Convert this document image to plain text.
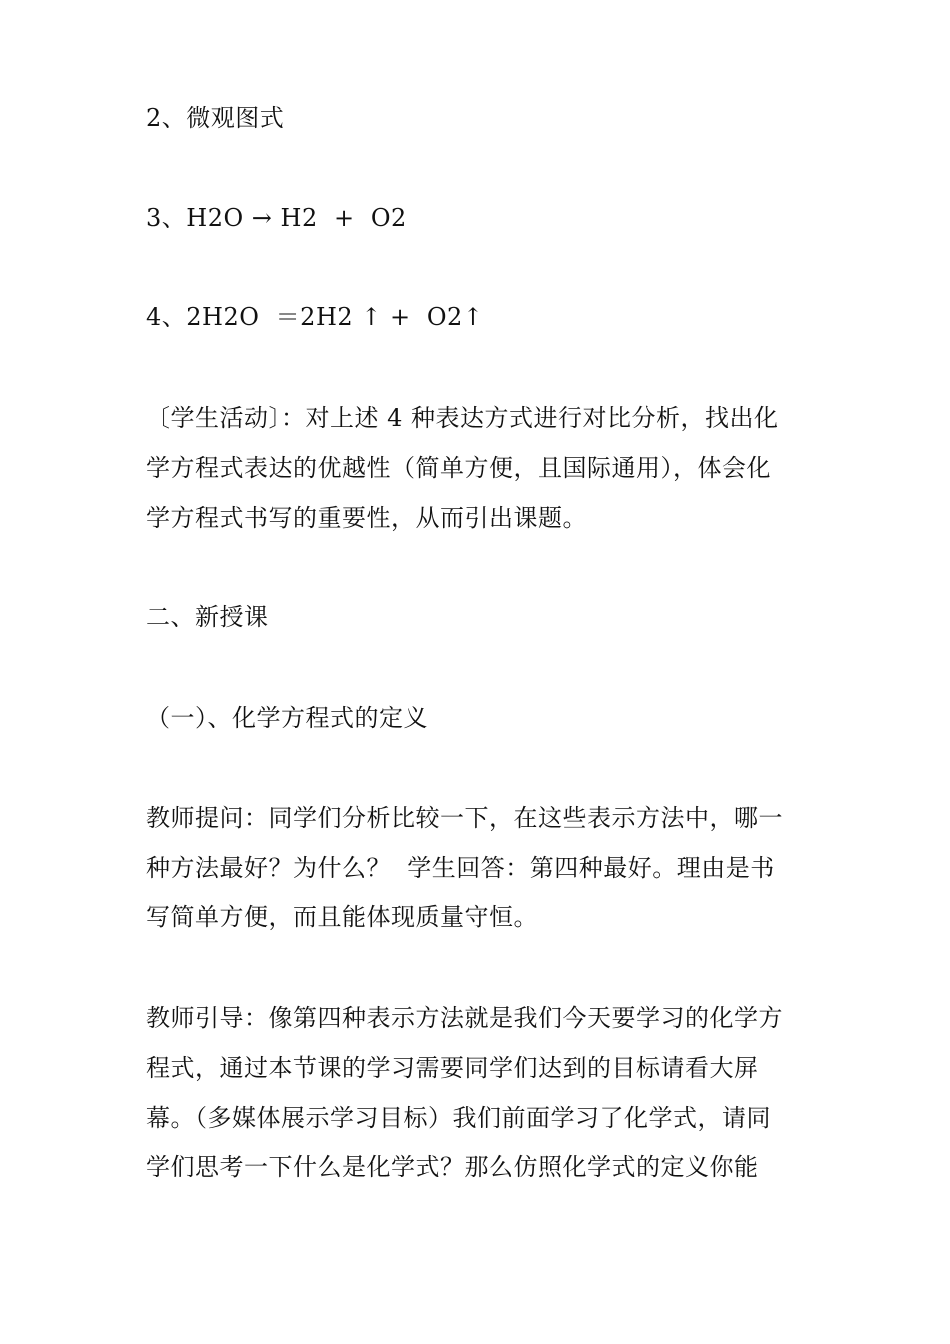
2、微观图式
3、H2O → H2  +  O2
4、2H2O  ＝2H2 ↑ +  O2↑
〔学生活动〕：对上述 4 种表达方式进行对比分析，找出化
学方程式表达的优越性（简单方便，且国际通用），体会化
学方程式书写的重要性，从而引出课题。
二、新授课
（一）、化学方程式的定义
教师提问：同学们分析比较一下，在这些表示方法中，哪一
种方法最好？为什么？  学生回答：第四种最好。理由是书
写简单方便，而且能体现质量守恒。
教师引导：像第四种表示方法就是我们今天要学习的化学方
程式，通过本节课的学习需要同学们达到的目标请看大屏
幕。（多媒体展示学习目标）我们前面学习了化学式，请同
学们思考一下什么是化学式？那么仿照化学式的定义你能
